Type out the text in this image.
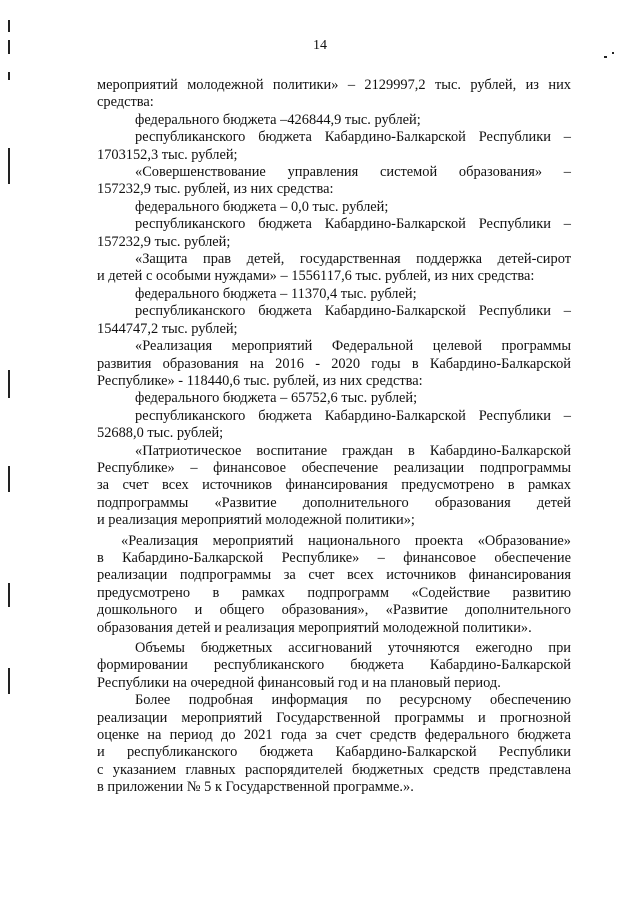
14
мероприятий молодежной политики» – 2129997,2 тыс. рублей, из них
средства:
федерального бюджета –426844,9 тыс. рублей;
республиканского бюджета Кабардино-Балкарской Республики –
1703152,3 тыс. рублей;
«Совершенствование управления системой образования» –
157232,9 тыс. рублей, из них средства:
федерального бюджета – 0,0 тыс. рублей;
республиканского бюджета Кабардино-Балкарской Республики –
157232,9 тыс. рублей;
«Защита прав детей, государственная поддержка детей-сирот
и детей с особыми нуждами» – 1556117,6 тыс. рублей, из них средства:
федерального бюджета – 11370,4 тыс. рублей;
республиканского бюджета Кабардино-Балкарской Республики –
1544747,2 тыс. рублей;
«Реализация мероприятий Федеральной целевой программы
развития образования на 2016 - 2020 годы в Кабардино-Балкарской
Республике» - 118440,6 тыс. рублей, из них средства:
федерального бюджета – 65752,6 тыс. рублей;
республиканского бюджета Кабардино-Балкарской Республики –
52688,0 тыс. рублей;
«Патриотическое воспитание граждан в Кабардино-Балкарской
Республике» – финансовое обеспечение реализации подпрограммы
за счет всех источников финансирования предусмотрено в рамках
подпрограммы «Развитие дополнительного образования детей
и реализация мероприятий молодежной политики»;
«Реализация мероприятий национального проекта «Образование»
в Кабардино-Балкарской Республике» – финансовое обеспечение
реализации подпрограммы за счет всех источников финансирования
предусмотрено в рамках подпрограмм «Содействие развитию
дошкольного и общего образования», «Развитие дополнительного
образования детей и реализация мероприятий молодежной политики».
Объемы бюджетных ассигнований уточняются ежегодно при
формировании республиканского бюджета Кабардино-Балкарской
Республики на очередной финансовый год и на плановый период.
Более подробная информация по ресурсному обеспечению
реализации мероприятий Государственной программы и прогнозной
оценке на период до 2021 года за счет средств федерального бюджета
и республиканского бюджета Кабардино-Балкарской Республики
с указанием главных распорядителей бюджетных средств представлена
в приложении № 5 к Государственной программе.».
